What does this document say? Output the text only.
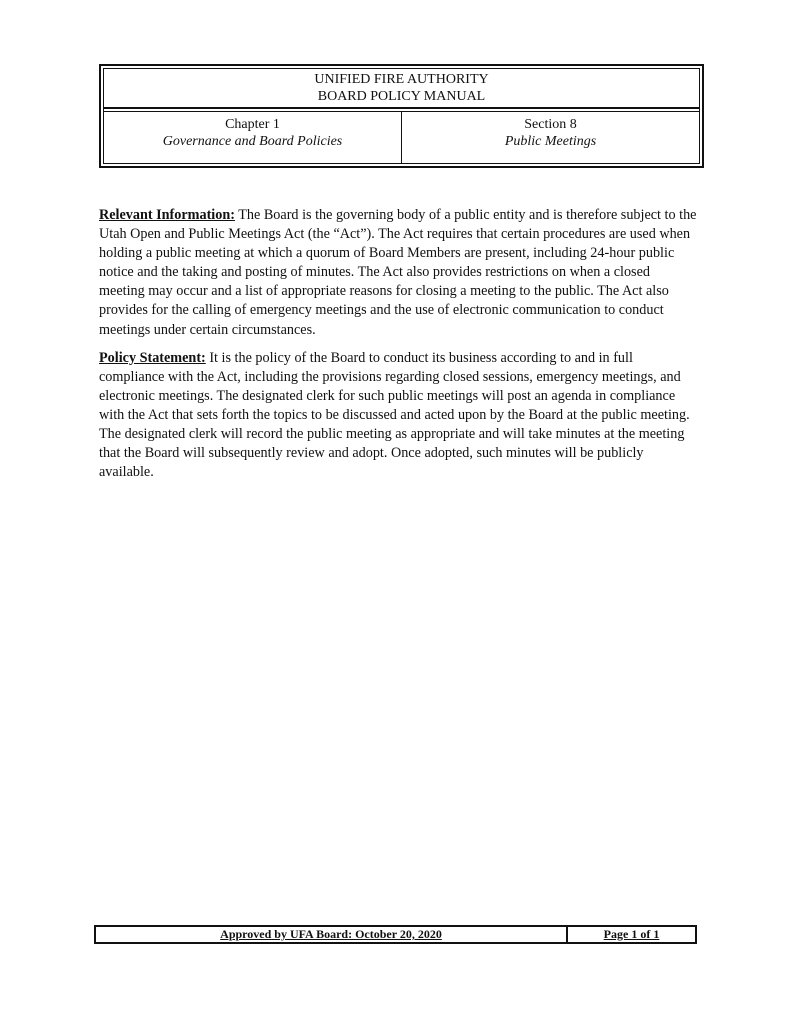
UNIFIED FIRE AUTHORITY
BOARD POLICY MANUAL
Chapter 1
Governance and Board Policies
Section 8
Public Meetings

Relevant Information: The Board is the governing body of a public entity and is therefore subject to the Utah Open and Public Meetings Act (the “Act”). The Act requires that certain procedures are used when holding a public meeting at which a quorum of Board Members are present, including 24-hour public notice and the taking and posting of minutes. The Act also provides restrictions on when a closed meeting may occur and a list of appropriate reasons for closing a meeting to the public. The Act also provides for the calling of emergency meetings and the use of electronic communication to conduct meetings under certain circumstances.

Policy Statement: It is the policy of the Board to conduct its business according to and in full compliance with the Act, including the provisions regarding closed sessions, emergency meetings, and electronic meetings. The designated clerk for such public meetings will post an agenda in compliance with the Act that sets forth the topics to be discussed and acted upon by the Board at the public meeting. The designated clerk will record the public meeting as appropriate and will take minutes at the meeting that the Board will subsequently review and adopt. Once adopted, such minutes will be publicly available.

Approved by UFA Board: October 20, 2020	Page 1 of 1
